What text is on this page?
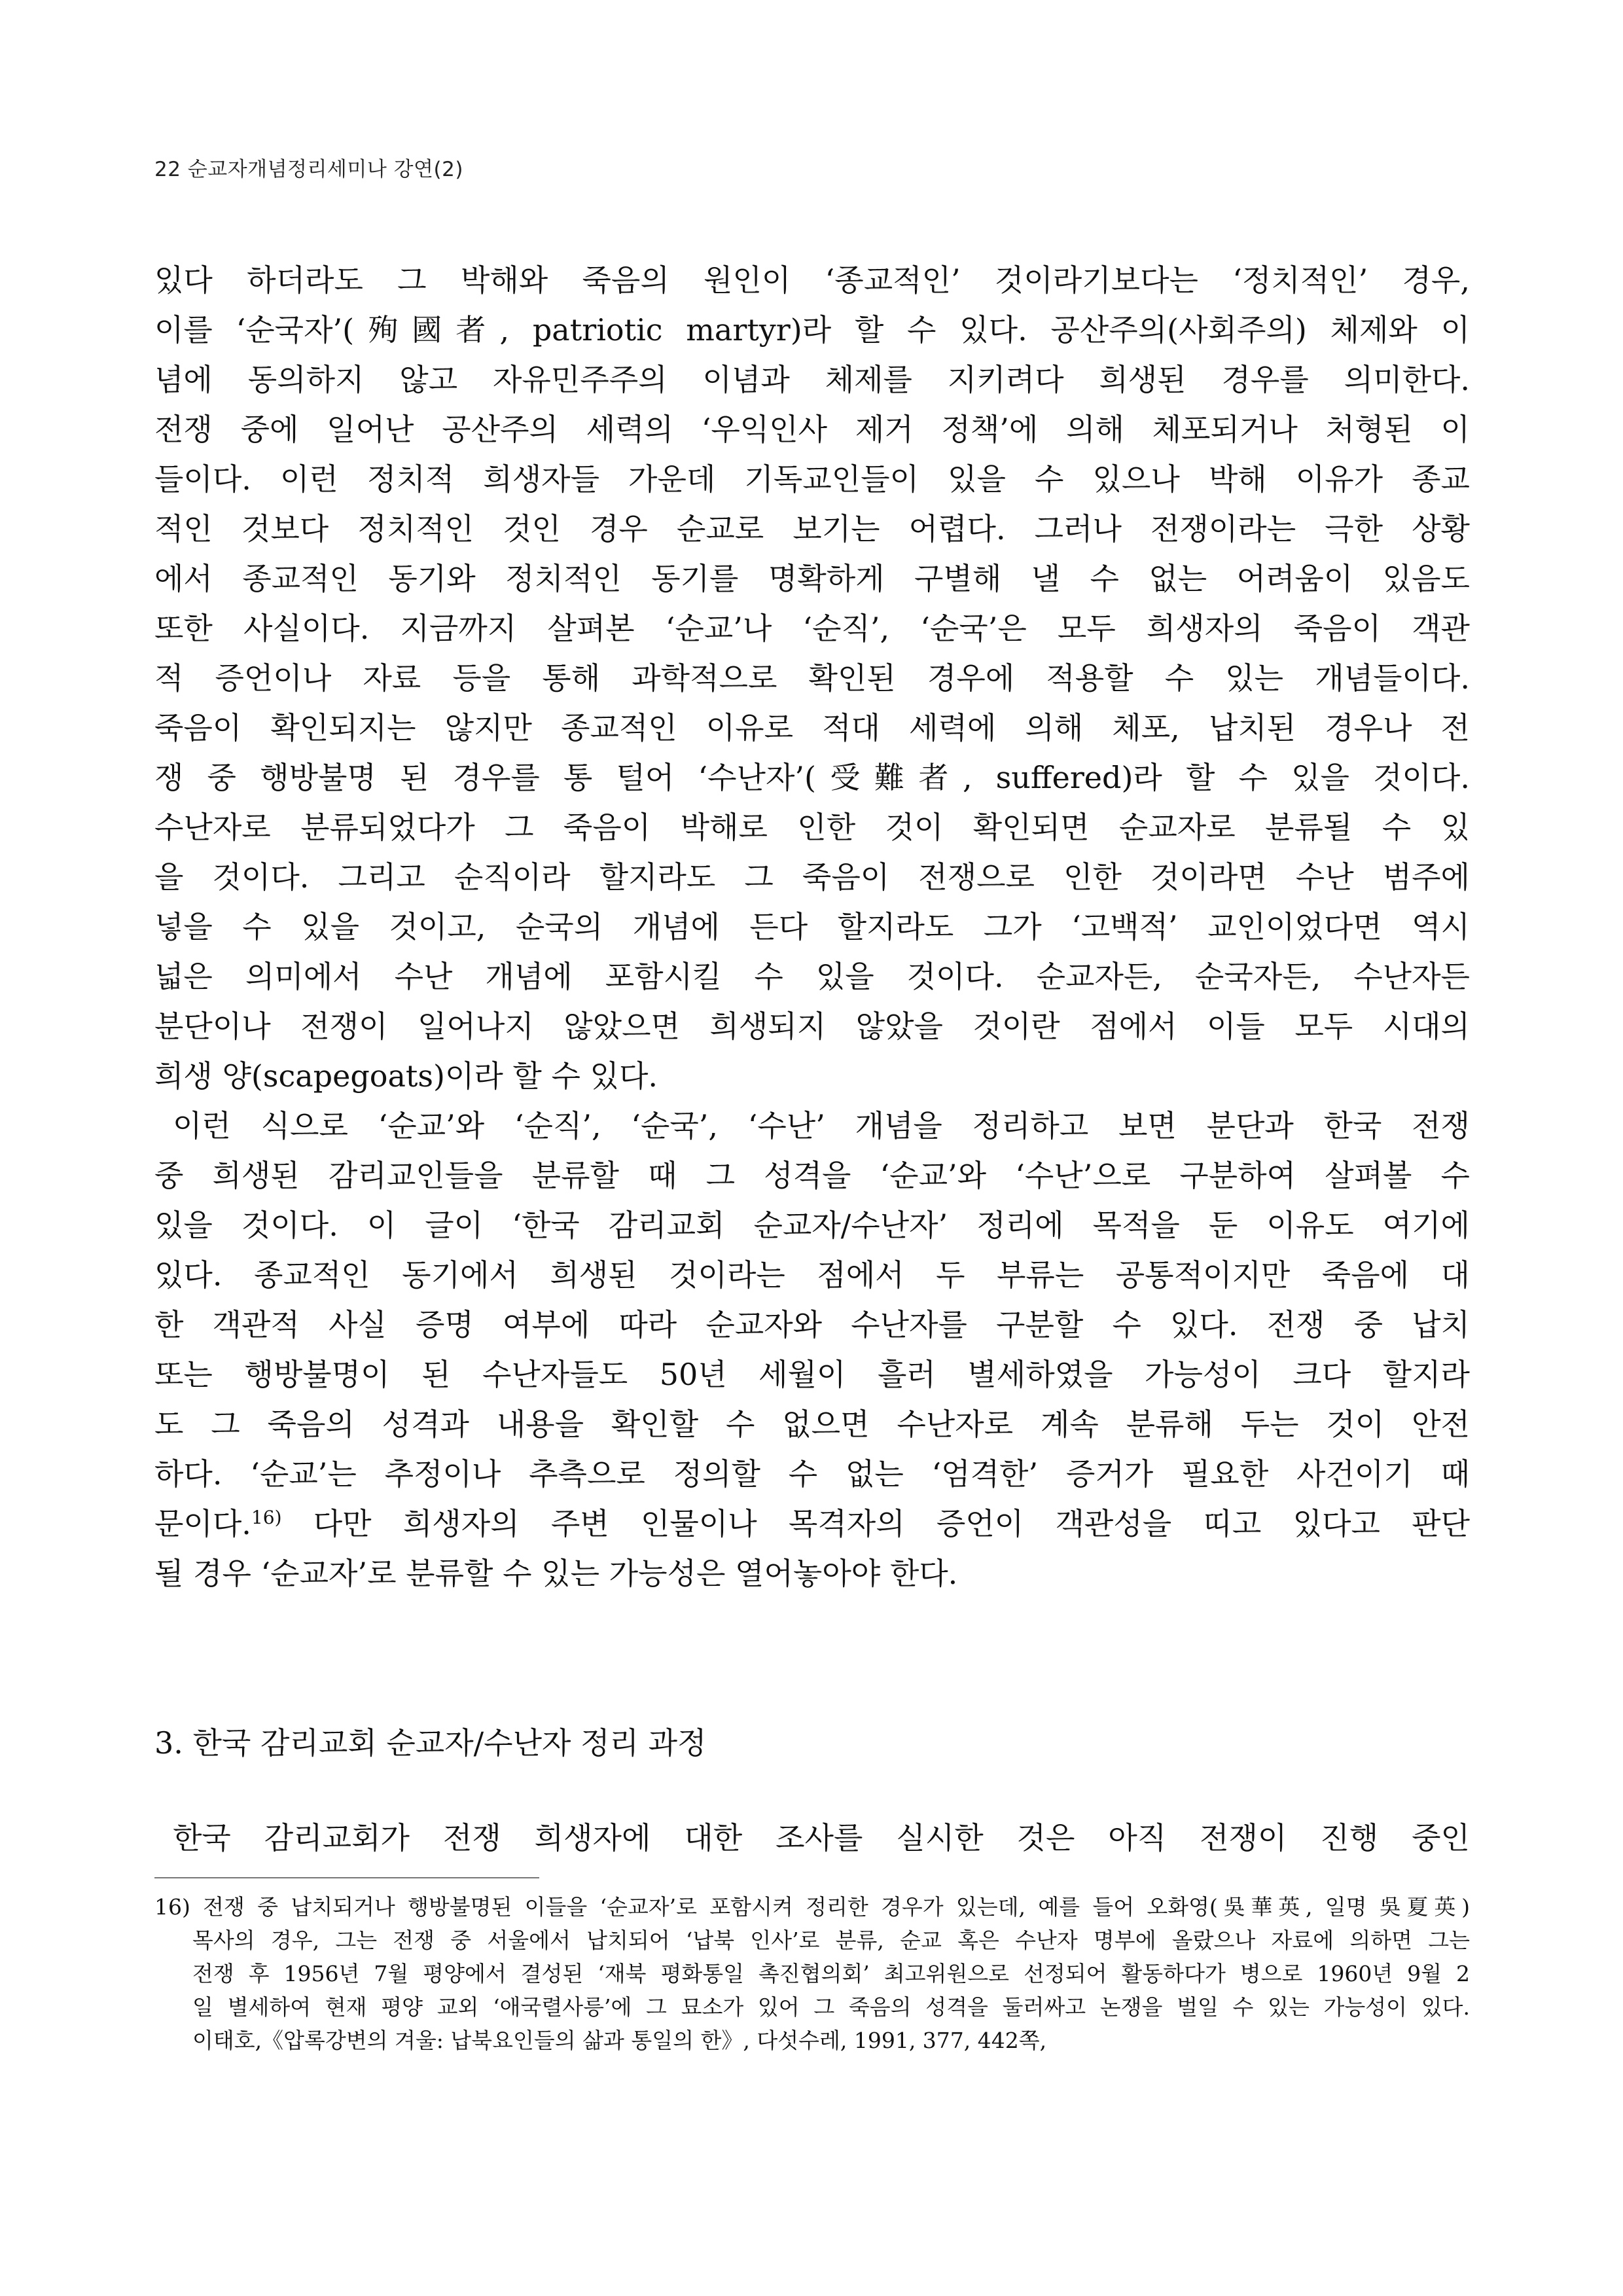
22 순교자개념정리세미나 강연(2)
있다 하더라도 그 박해와 죽음의 원인이 ‘종교적인’ 것이라기보다는 ‘정치적인’ 경우,
이를 ‘순국자’(殉國者, patriotic martyr)라 할 수 있다. 공산주의(사회주의) 체제와 이
념에 동의하지 않고 자유민주주의 이념과 체제를 지키려다 희생된 경우를 의미한다.
전쟁 중에 일어난 공산주의 세력의 ‘우익인사 제거 정책’에 의해 체포되거나 처형된 이
들이다. 이런 정치적 희생자들 가운데 기독교인들이 있을 수 있으나 박해 이유가 종교
적인 것보다 정치적인 것인 경우 순교로 보기는 어렵다. 그러나 전쟁이라는 극한 상황
에서 종교적인 동기와 정치적인 동기를 명확하게 구별해 낼 수 없는 어려움이 있음도
또한 사실이다. 지금까지 살펴본 ‘순교’나 ‘순직’, ‘순국’은 모두 희생자의 죽음이 객관
적 증언이나 자료 등을 통해 과학적으로 확인된 경우에 적용할 수 있는 개념들이다.
죽음이 확인되지는 않지만 종교적인 이유로 적대 세력에 의해 체포, 납치된 경우나 전
쟁 중 행방불명 된 경우를 통 털어 ‘수난자’(受難者, suffered)라 할 수 있을 것이다.
수난자로 분류되었다가 그 죽음이 박해로 인한 것이 확인되면 순교자로 분류될 수 있
을 것이다. 그리고 순직이라 할지라도 그 죽음이 전쟁으로 인한 것이라면 수난 범주에
넣을 수 있을 것이고, 순국의 개념에 든다 할지라도 그가 ‘고백적’ 교인이었다면 역시
넓은 의미에서 수난 개념에 포함시킬 수 있을 것이다. 순교자든, 순국자든, 수난자든
분단이나 전쟁이 일어나지 않았으면 희생되지 않았을 것이란 점에서 이들 모두 시대의
희생 양(scapegoats)이라 할 수 있다.
이런 식으로 ‘순교’와 ‘순직’, ‘순국’, ‘수난’ 개념을 정리하고 보면 분단과 한국 전쟁
중 희생된 감리교인들을 분류할 때 그 성격을 ‘순교’와 ‘수난’으로 구분하여 살펴볼 수
있을 것이다. 이 글이 ‘한국 감리교회 순교자/수난자’ 정리에 목적을 둔 이유도 여기에
있다. 종교적인 동기에서 희생된 것이라는 점에서 두 부류는 공통적이지만 죽음에 대
한 객관적 사실 증명 여부에 따라 순교자와 수난자를 구분할 수 있다. 전쟁 중 납치
또는 행방불명이 된 수난자들도 50년 세월이 흘러 별세하였을 가능성이 크다 할지라
도 그 죽음의 성격과 내용을 확인할 수 없으면 수난자로 계속 분류해 두는 것이 안전
하다. ‘순교’는 추정이나 추측으로 정의할 수 없는 ‘엄격한’ 증거가 필요한 사건이기 때
문이다.$^{16)}$ 다만 희생자의 주변 인물이나 목격자의 증언이 객관성을 띠고 있다고 판단
될 경우 ‘순교자’로 분류할 수 있는 가능성은 열어놓아야 한다.
3. 한국 감리교회 순교자/수난자 정리 과정
한국 감리교회가 전쟁 희생자에 대한 조사를 실시한 것은 아직 전쟁이 진행 중인
16) 전쟁 중 납치되거나 행방불명된 이들을 ‘순교자’로 포함시켜 정리한 경우가 있는데, 예를 들어 오화영(吳華英, 일명 吳夏英)
목사의 경우, 그는 전쟁 중 서울에서 납치되어 ‘납북 인사’로 분류, 순교 혹은 수난자 명부에 올랐으나 자료에 의하면 그는
전쟁 후 1956년 7월 평양에서 결성된 ‘재북 평화통일 촉진협의회’ 최고위원으로 선정되어 활동하다가 병으로 1960년 9월 2
일 별세하여 현재 평양 교외 ‘애국렬사릉’에 그 묘소가 있어 그 죽음의 성격을 둘러싸고 논쟁을 벌일 수 있는 가능성이 있다.
이태호,《압록강변의 겨울: 납북요인들의 삶과 통일의 한》, 다섯수레, 1991, 377, 442쪽,
